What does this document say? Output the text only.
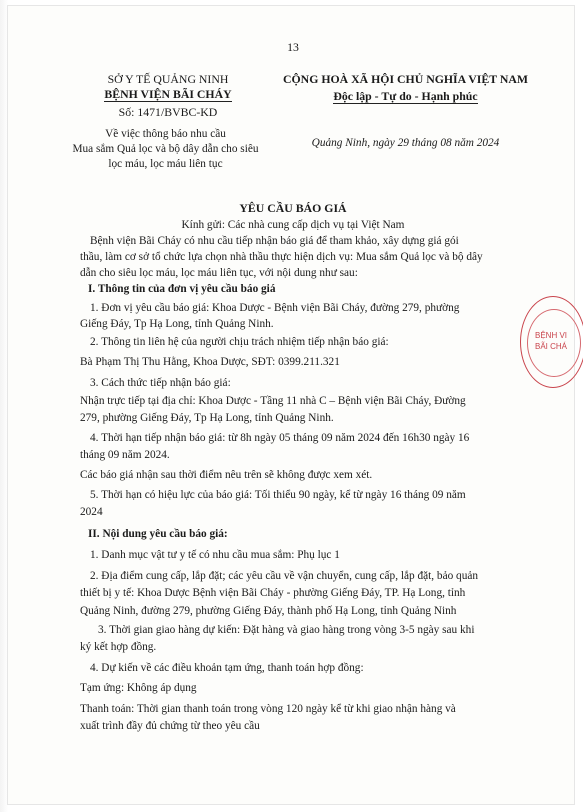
13
SỞ Y TẾ QUẢNG NINH
BỆNH VIỆN BÃI CHÁY
Số: 1471/BVBC-KD
Về việc thông báo nhu cầu
Mua sắm Quả lọc và bộ dây dẫn cho siêu
lọc máu, lọc máu liên tục
CỘNG HOÀ XÃ HỘI CHỦ NGHĨA VIỆT NAM
Độc lập - Tự do - Hạnh phúc
Quảng Ninh, ngày 29 tháng 08 năm 2024
YÊU CẦU BÁO GIÁ
Kính gửi: Các nhà cung cấp dịch vụ tại Việt Nam
Bệnh viện Bãi Cháy có nhu cầu tiếp nhận báo giá để tham khảo, xây dựng giá gói
thầu, làm cơ sở tổ chức lựa chọn nhà thầu thực hiện dịch vụ: Mua sắm Quả lọc và bộ dây
dẫn cho siêu lọc máu, lọc máu liên tục, với nội dung như sau:
I. Thông tin của đơn vị yêu cầu báo giá
1. Đơn vị yêu cầu báo giá: Khoa Dược - Bệnh viện Bãi Cháy, đường 279, phường
Giếng Đáy, Tp Hạ Long, tỉnh Quảng Ninh.
2. Thông tin liên hệ của người chịu trách nhiệm tiếp nhận báo giá:
Bà Phạm Thị Thu Hằng, Khoa Dược, SĐT: 0399.211.321
3. Cách thức tiếp nhận báo giá:
Nhận trực tiếp tại địa chỉ: Khoa Dược - Tầng 11 nhà C – Bệnh viện Bãi Cháy, Đường
279, phường Giếng Đáy, Tp Hạ Long, tỉnh Quảng Ninh.
4. Thời hạn tiếp nhận báo giá: từ 8h ngày 05 tháng 09 năm 2024 đến 16h30 ngày 16
tháng 09 năm 2024.
Các báo giá nhận sau thời điểm nêu trên sẽ không được xem xét.
5. Thời hạn có hiệu lực của báo giá: Tối thiểu 90 ngày, kể từ ngày 16 tháng 09 năm
2024
II. Nội dung yêu cầu báo giá:
1. Danh mục vật tư y tế có nhu cầu mua sắm: Phụ lục 1
2. Địa điểm cung cấp, lắp đặt; các yêu cầu về vận chuyển, cung cấp, lắp đặt, bảo quản
thiết bị y tế: Khoa Dược Bệnh viện Bãi Cháy - phường Giếng Đáy, TP. Hạ Long, tỉnh
Quảng Ninh, đường 279, phường Giếng Đáy, thành phố Hạ Long, tỉnh Quảng Ninh
3. Thời gian giao hàng dự kiến: Đặt hàng và giao hàng trong vòng 3-5 ngày sau khi
ký kết hợp đồng.
4. Dự kiến về các điều khoản tạm ứng, thanh toán hợp đồng:
Tạm ứng: Không áp dụng
Thanh toán: Thời gian thanh toán trong vòng 120 ngày kể từ khi giao nhận hàng và
xuất trình đầy đủ chứng từ theo yêu cầu
BỆNH VI
BÃI CHÁ
